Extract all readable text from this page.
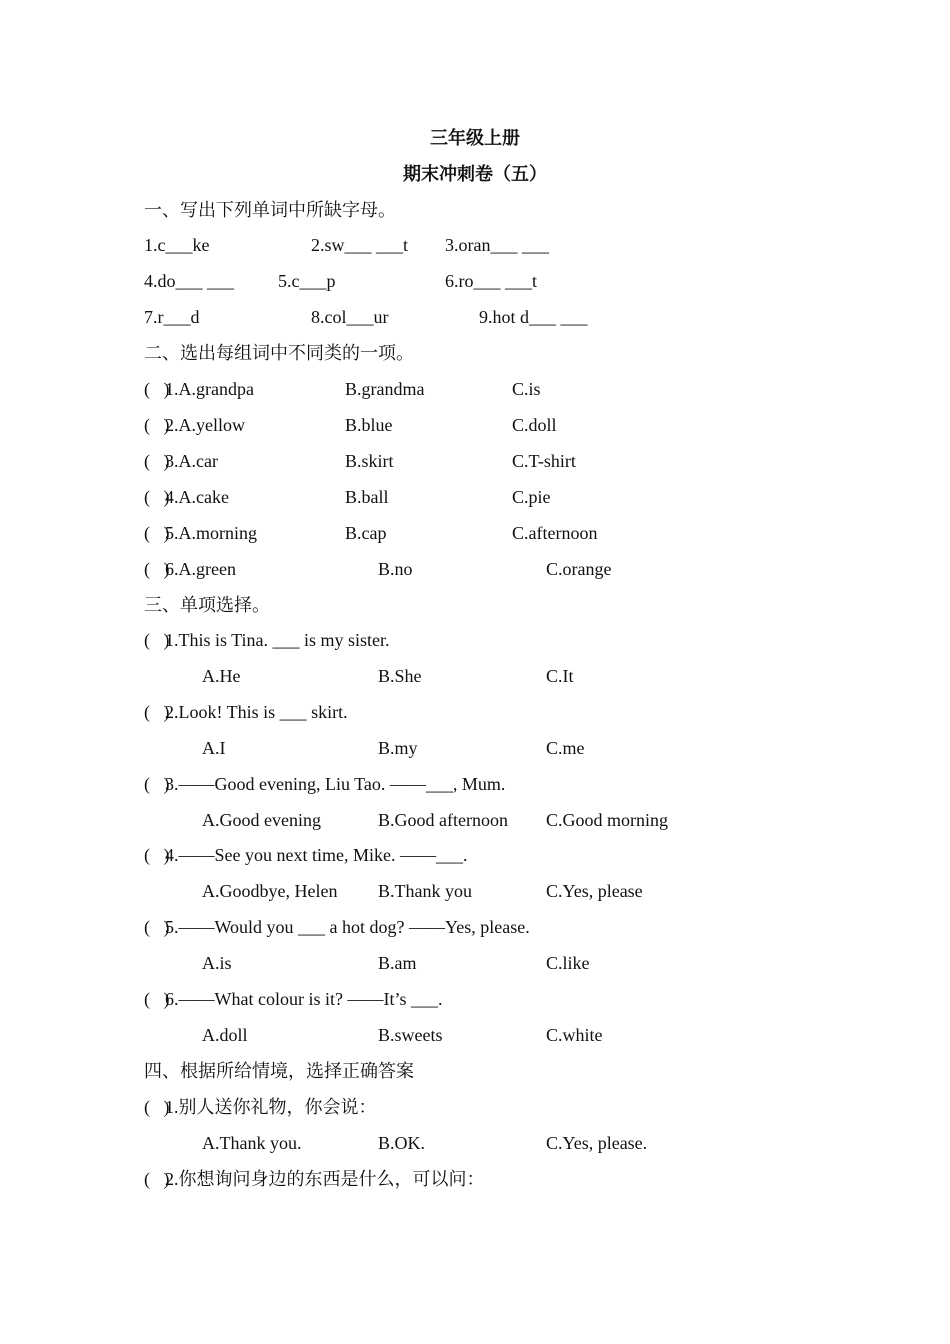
三年级上册
期末冲刺卷（五）
一、写出下列单词中所缺字母。
1.c___ke	2.sw___ ___t 3.oran___ ___
4.do___ ___ 5.c___p	6.ro___ ___t
7.r___d	8.col___ur	9.hot d___ ___
二、选出每组词中不同类的一项。
(   )
1.A.grandpa	B.grandma	C.is
(   )
2.A.yellow	B.blue	C.doll
(   )
3.A.car	B.skirt	C.T-shirt
(   )
4.A.cake	B.ball	C.pie
(   )
5.A.morning	B.cap	C.afternoon
(   )
6.A.green	B.no	C.orange
三、单项选择。
(   )
1.This is Tina. ___ is my sister.
A.He	B.She	C.It
(   )
2.Look! This is ___ skirt.
A.I	B.my	C.me
(   )
3.——Good evening, Liu Tao. ——___, Mum.
A.Good evening	B.Good afternoon C.Good morning
(   )
4.——See you next time, Mike. ——___.
A.Goodbye, Helen B.Thank you	C.Yes, please
(   )
5.——Would you ___ a hot dog? ——Yes, please.
A.is	B.am	C.like
(   )
6.——What colour is it? ——It’s ___.
A.doll	B.sweets	C.white
四、根据所给情境，选择正确答案
(   )
1.别人送你礼物，你会说：
A.Thank you.	B.OK.	C.Yes, please.
(   )
2.你想询问身边的东西是什么，可以问：
